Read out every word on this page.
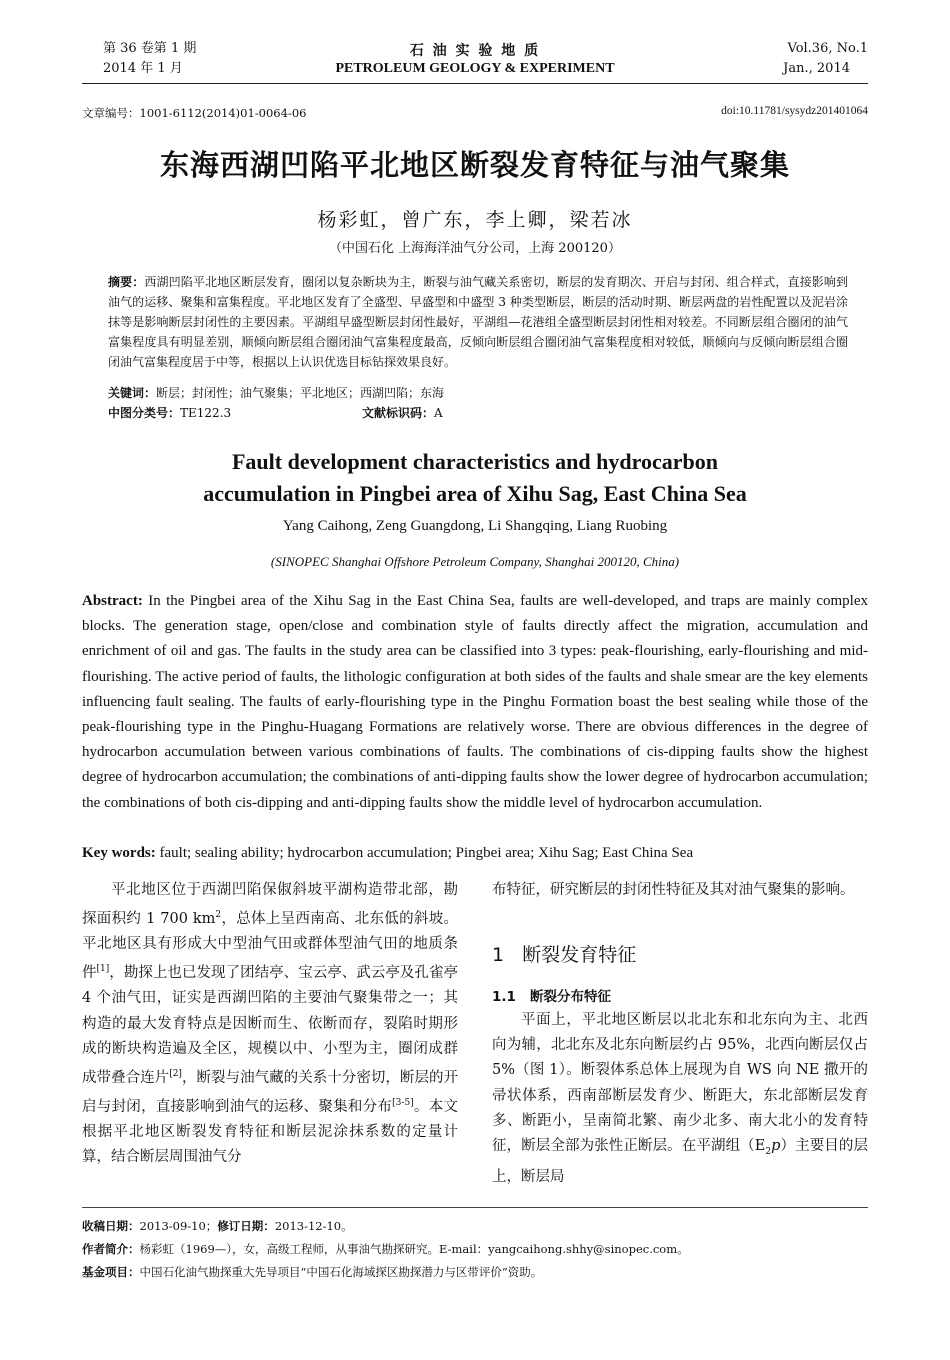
第 36 卷第 1 期
2014 年 1 月
石 油 实 验 地 质
PETROLEUM GEOLOGY & EXPERIMENT
Vol.36, No.1
Jan., 2014
文章编号：1001-6112(2014)01-0064-06	doi:10.11781/sysydz201401064
东海西湖凹陷平北地区断裂发育特征与油气聚集
杨彩虹，曾广东，李上卿，梁若冰
（中国石化 上海海洋油气分公司，上海 200120）
摘要：西湖凹陷平北地区断层发育，圈闭以复杂断块为主，断裂与油气藏关系密切，断层的发育期次、开启与封闭、组合样式，直接影响到油气的运移、聚集和富集程度。平北地区发育了全盛型、早盛型和中盛型 3 种类型断层，断层的活动时期、断层两盘的岩性配置以及泥岩涂抹等是影响断层封闭性的主要因素。平湖组早盛型断层封闭性最好，平湖组—花港组全盛型断层封闭性相对较差。不同断层组合圈闭的油气富集程度具有明显差别，顺倾向断层组合圈闭油气富集程度最高，反倾向断层组合圈闭油气富集程度相对较低，顺倾向与反倾向断层组合圈闭油气富集程度居于中等，根据以上认识优选目标钻探效果良好。
关键词：断层；封闭性；油气聚集；平北地区；西湖凹陷；东海
中图分类号：TE122.3	文献标识码：A
Fault development characteristics and hydrocarbon
accumulation in Pingbei area of Xihu Sag, East China Sea
Yang Caihong, Zeng Guangdong, Li Shangqing, Liang Ruobing
(SINOPEC Shanghai Offshore Petroleum Company, Shanghai 200120, China)
Abstract: In the Pingbei area of the Xihu Sag in the East China Sea, faults are well-developed, and traps are mainly complex blocks. The generation stage, open/close and combination style of faults directly affect the migration, accumulation and enrichment of oil and gas. The faults in the study area can be classified into 3 types: peak-flourishing, early-flourishing and mid-flourishing. The active period of faults, the lithologic configuration at both sides of the faults and shale smear are the key elements influencing fault sealing. The faults of early-flourishing type in the Pinghu Formation boast the best sealing while those of the peak-flourishing type in the Pinghu-Huagang Formations are relatively worse. There are obvious differences in the degree of hydrocarbon accumulation between various combinations of faults. The combinations of cis-dipping faults show the highest degree of hydrocarbon accumulation; the combinations of anti-dipping faults show the lower degree of hydrocarbon accumulation; the combinations of both cis-dipping and anti-dipping faults show the middle level of hydrocarbon accumulation.
Key words: fault; sealing ability; hydrocarbon accumulation; Pingbei area; Xihu Sag; East China Sea
平北地区位于西湖凹陷保俶斜坡平湖构造带北部，勘探面积约 1 700 $km^2$，总体上呈西南高、北东低的斜坡。平北地区具有形成大中型油气田或群体型油气田的地质条件[1]，勘探上也已发现了团结亭、宝云亭、武云亭及孔雀亭 4 个油气田，证实是西湖凹陷的主要油气聚集带之一；其构造的最大发育特点是因断而生、依断而存，裂陷时期形成的断块构造遍及全区，规模以中、小型为主，圈闭成群成带叠合连片[2]，断裂与油气藏的关系十分密切，断层的开启与封闭，直接影响到油气的运移、聚集和分布[3-5]。本文根据平北地区断裂发育特征和断层泥涂抹系数的定量计算，结合断层周围油气分
布特征，研究断层的封闭性特征及其对油气聚集的影响。
1 断裂发育特征
1.1 断裂分布特征
平面上，平北地区断层以北北东和北东向为主、北西向为辅，北北东及北东向断层约占 95%，北西向断层仅占 5%（图 1）。断裂体系总体上展现为自 WS 向 NE 撒开的帚状体系，西南部断层发育少、断距大，东北部断层发育多、断距小，呈南简北繁、南少北多、南大北小的发育特征，断层全部为张性正断层。在平湖组$(E_2p)$主要目的层上，断层局
收稿日期：2013-09-10；修订日期：2013-12-10。
作者简介：杨彩虹（1969—），女，高级工程师，从事油气勘探研究。E-mail：yangcaihong.shhy@sinopec.com。
基金项目：中国石化油气勘探重大先导项目“中国石化海域探区勘探潜力与区带评价”资助。
